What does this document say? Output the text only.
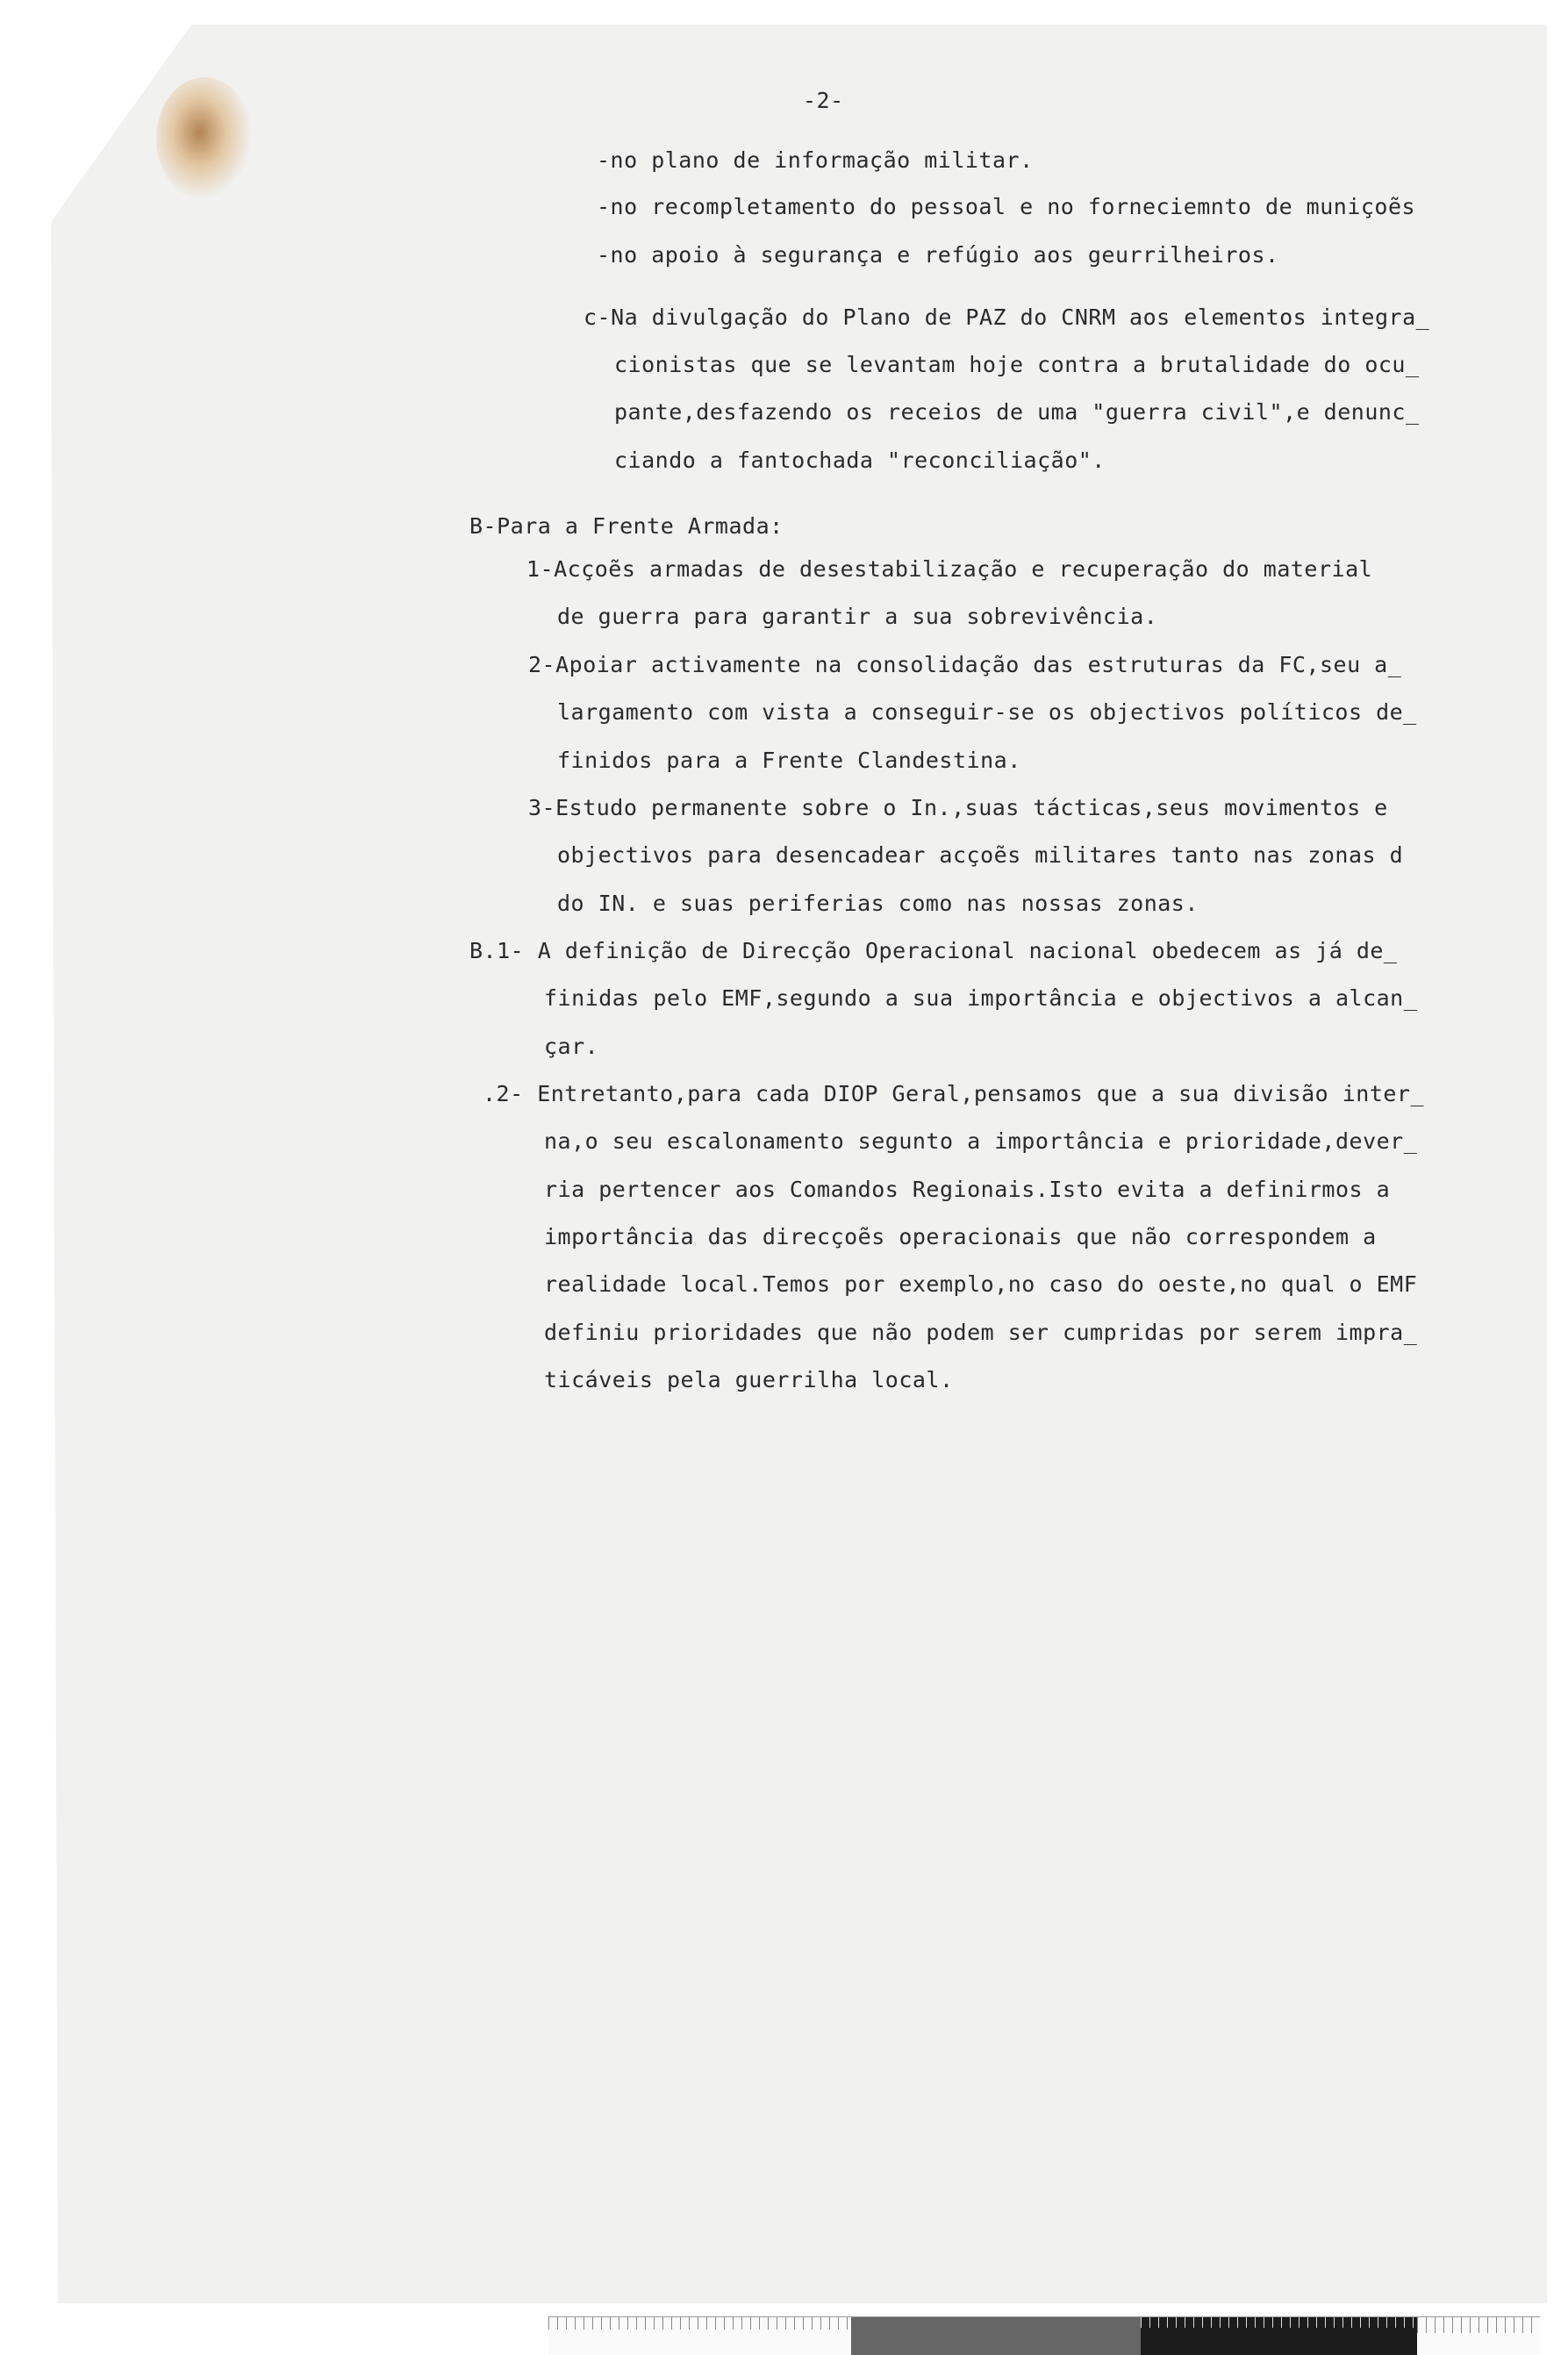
-2-
-no plano de informação militar.
-no recompletamento do pessoal e no forneciemnto de muniçoẽs
-no apoio à segurança e refúgio aos geurrilheiros.
c-Na divulgação do Plano de PAZ do CNRM aos elementos integra_
cionistas que se levantam hoje contra a brutalidade do ocu_
pante,desfazendo os receios de uma "guerra civil",e denunc_
ciando a fantochada "reconciliação".
B-Para a Frente Armada:
1-Acçoẽs armadas de desestabilização e recuperação do material
de guerra para garantir a sua sobrevivência.
2-Apoiar activamente na consolidação das estruturas da FC,seu a_
largamento com vista a conseguir-se os objectivos políticos de_
finidos para a Frente Clandestina.
3-Estudo permanente sobre o In.,suas tácticas,seus movimentos e
objectivos para desencadear acçoẽs militares tanto nas zonas d
do IN. e suas periferias como nas nossas zonas.
B.1- A definição de Direcção Operacional nacional obedecem as já de_
finidas pelo EMF,segundo a sua importância e objectivos a alcan_
çar.
.2- Entretanto,para cada DIOP Geral,pensamos que a sua divisão inter_
na,o seu escalonamento segunto a importância e prioridade,dever_
ria pertencer aos Comandos Regionais.Isto evita a definirmos a
importância das direcçoẽs operacionais que não correspondem a
realidade local.Temos por exemplo,no caso do oeste,no qual o EMF
definiu prioridades que não podem ser cumpridas por serem impra_
ticáveis pela guerrilha local.
